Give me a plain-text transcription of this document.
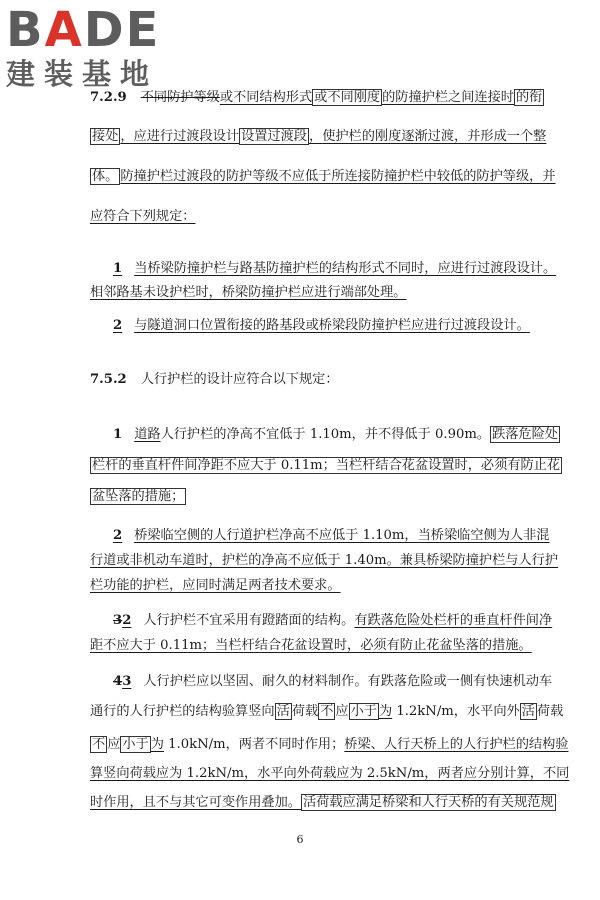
BADE
建装基地
7.2.9 不同防护等级或不同结构形式 或不同刚度 的防撞护栏之间连接时 的衔
接处 ，应进行过渡段设计 设置过渡段 ，使护栏的刚度逐渐过渡，并形成一个整
体。 防撞护栏过渡段的防护等级不应低于所连接防撞护栏中较低的防护等级，并
应符合下列规定：
1 当桥梁防撞护栏与路基防撞护栏的结构形式不同时，应进行过渡段设计。
相邻路基未设护栏时，桥梁防撞护栏应进行端部处理。
2 与隧道洞口位置衔接的路基段或桥梁段防撞护栏应进行过渡段设计。
7.5.2 人行护栏的设计应符合以下规定：
1 道路人行护栏的净高不宜低于 1.10m，并不得低于 0.90m。 跌落危险处
栏杆的垂直杆件间净距不应大于 0.11m；当栏杆结合花盆设置时，必须有防止花
盆坠落的措施；
2 桥梁临空侧的人行道护栏净高不应低于 1.10m，当桥梁临空侧为人非混
行道或非机动车道时，护栏的净高不应低于 1.40m。兼具桥梁防撞护栏与人行护
栏功能的护栏，应同时满足两者技术要求。
32 人行护栏不宜采用有蹬踏面的结构。有跌落危险处栏杆的垂直杆件间净
距不应大于 0.11m；当栏杆结合花盆设置时，必须有防止花盆坠落的措施。
43 人行护栏应以坚固、耐久的材料制作。有跌落危险或一侧有快速机动车
通行的人行护栏的结构验算竖向 活 荷载 不 应 小于 为 1.2kN/m，水平向外 活 荷载
不 应 小于 为 1.0kN/m，两者不同时作用；桥梁、人行天桥上的人行护栏的结构验
算竖向荷载应为 1.2kN/m，水平向外荷载应为 2.5kN/m，两者应分别计算，不同
时作用，且不与其它可变作用叠加。 活荷载应满足桥梁和人行天桥的有关规范规
6
